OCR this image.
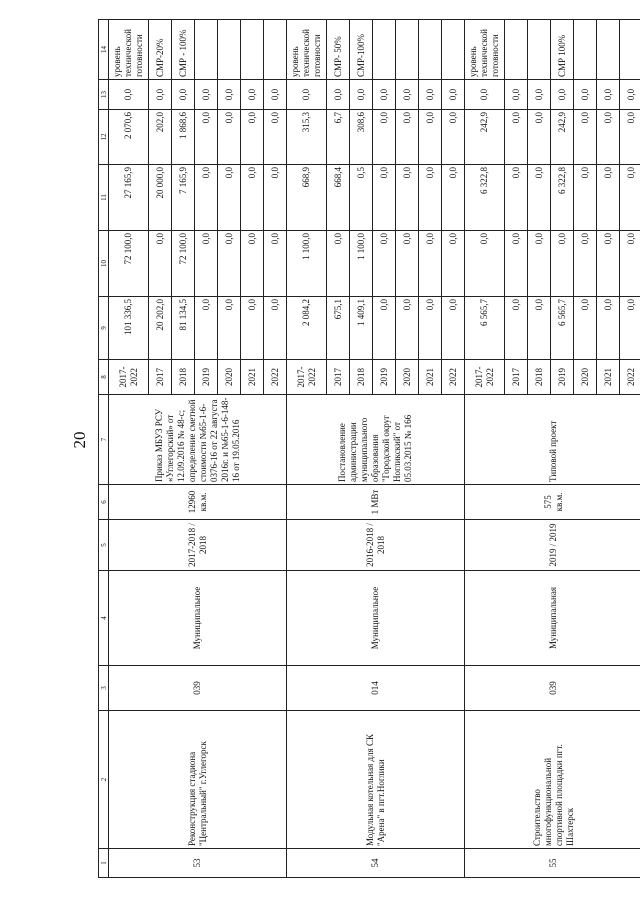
20
1	2	3	4	5	6	7	8	9	10	11	12	13	14
53	Реконструкция стадиона "Центральный" г.Углегорск	039	Муниципальное	2017-2018 / 2018	12960 кв.м.	Приказ МБУЗ РСУ «Углегорский» от 12.09.2016 № 48-с; определение сметной стоимости №65-1-6-0376-16 от 22 августа 2016г. и №65-1-6-148-16 от 19.05.2016	2017-2022	101 336,5	72 100,0	27 165,9	2 070,6	0,0	уровень технической готовности
							2017	20 202,0	0,0	20 000,0	202,0	0,0	СМР-20%
							2018	81 134,5	72 100,0	7 165,9	1 868,6	0,0	СМР - 100%
							2019	0,0	0,0	0,0	0,0	0,0	
							2020	0,0	0,0	0,0	0,0	0,0	
							2021	0,0	0,0	0,0	0,0	0,0	
							2022	0,0	0,0	0,0	0,0	0,0	
54	Модульная котельная для СК "Арена" в пгт.Ноглики	014	Муниципальное	2016-2018 / 2018	1 МВт	Постановление администрации муниципального образования "Городской округ Ногликский" от 05.03.2015 № 166	2017-2022	2 084,2	1 100,0	668,9	315,3	0,0	уровень технической готовности
							2017	675,1	0,0	668,4	6,7	0,0	СМР- 50%
							2018	1 409,1	1 100,0	0,5	308,6	0,0	СМР-100%
							2019	0,0	0,0	0,0	0,0	0,0	
							2020	0,0	0,0	0,0	0,0	0,0	
							2021	0,0	0,0	0,0	0,0	0,0	
							2022	0,0	0,0	0,0	0,0	0,0	
55	Строительство многофункциональной спортивной площадки пгт. Шахтерск	039	Муниципальная	2019 / 2019	575 кв.м.	Типовой проект	2017-2022	6 565,7	0,0	6 322,8	242,9	0,0	уровень технической готовности
							2017	0,0	0,0	0,0	0,0	0,0	
							2018	0,0	0,0	0,0	0,0	0,0	
							2019	6 565,7	0,0	6 322,8	242,9	0,0	СМР 100%
							2020	0,0	0,0	0,0	0,0	0,0	
							2021	0,0	0,0	0,0	0,0	0,0	
							2022	0,0	0,0	0,0	0,0	0,0	
